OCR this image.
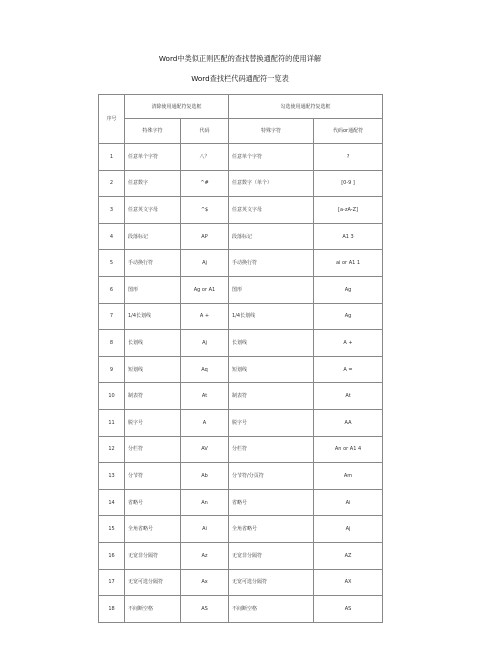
Word中类似正则匹配的查找替换通配符的使用详解
Word查找栏代码通配符一览表
序号	清除使用通配符复选框		勾选使用通配符复选框	
	特殊字符	代码	特殊字符	代码or通配符
1	任意单个字符	八？	任意单个字符	?
2	任意数字	^#	任意数字（单个）	[0-9 ]
3	任意英文字母	^$	任意英文字母	[a-zA-Z]
4	段落标记	AP	段落标记	A1 3
5	手动换行符	Aj	手动换行符	ai or A1 1
6	图形	Ag or A1	图形	Ag
7	1/4长划线	A +	1/4长划线	Ag
8	长划线	Aj	长划线	A +
9	短划线	Aq	短划线	A =
10	制表符	At	制表符	At
11	脱字号	A	脱字号	AA
12	分栏符	AV	分栏符	An or A1 4
13	分节符	Ab	分节符/分页符	Am
14	省略号	An	省略号	Ai
15	全角省略号	Ai	全角省略号	Aj
16	无宽非分隔符	Az	无宽非分隔符	AZ
17	无宽可选分隔符	Ax	无宽可选分隔符	AX
18	不间断空格	AS	不间断空格	AS
